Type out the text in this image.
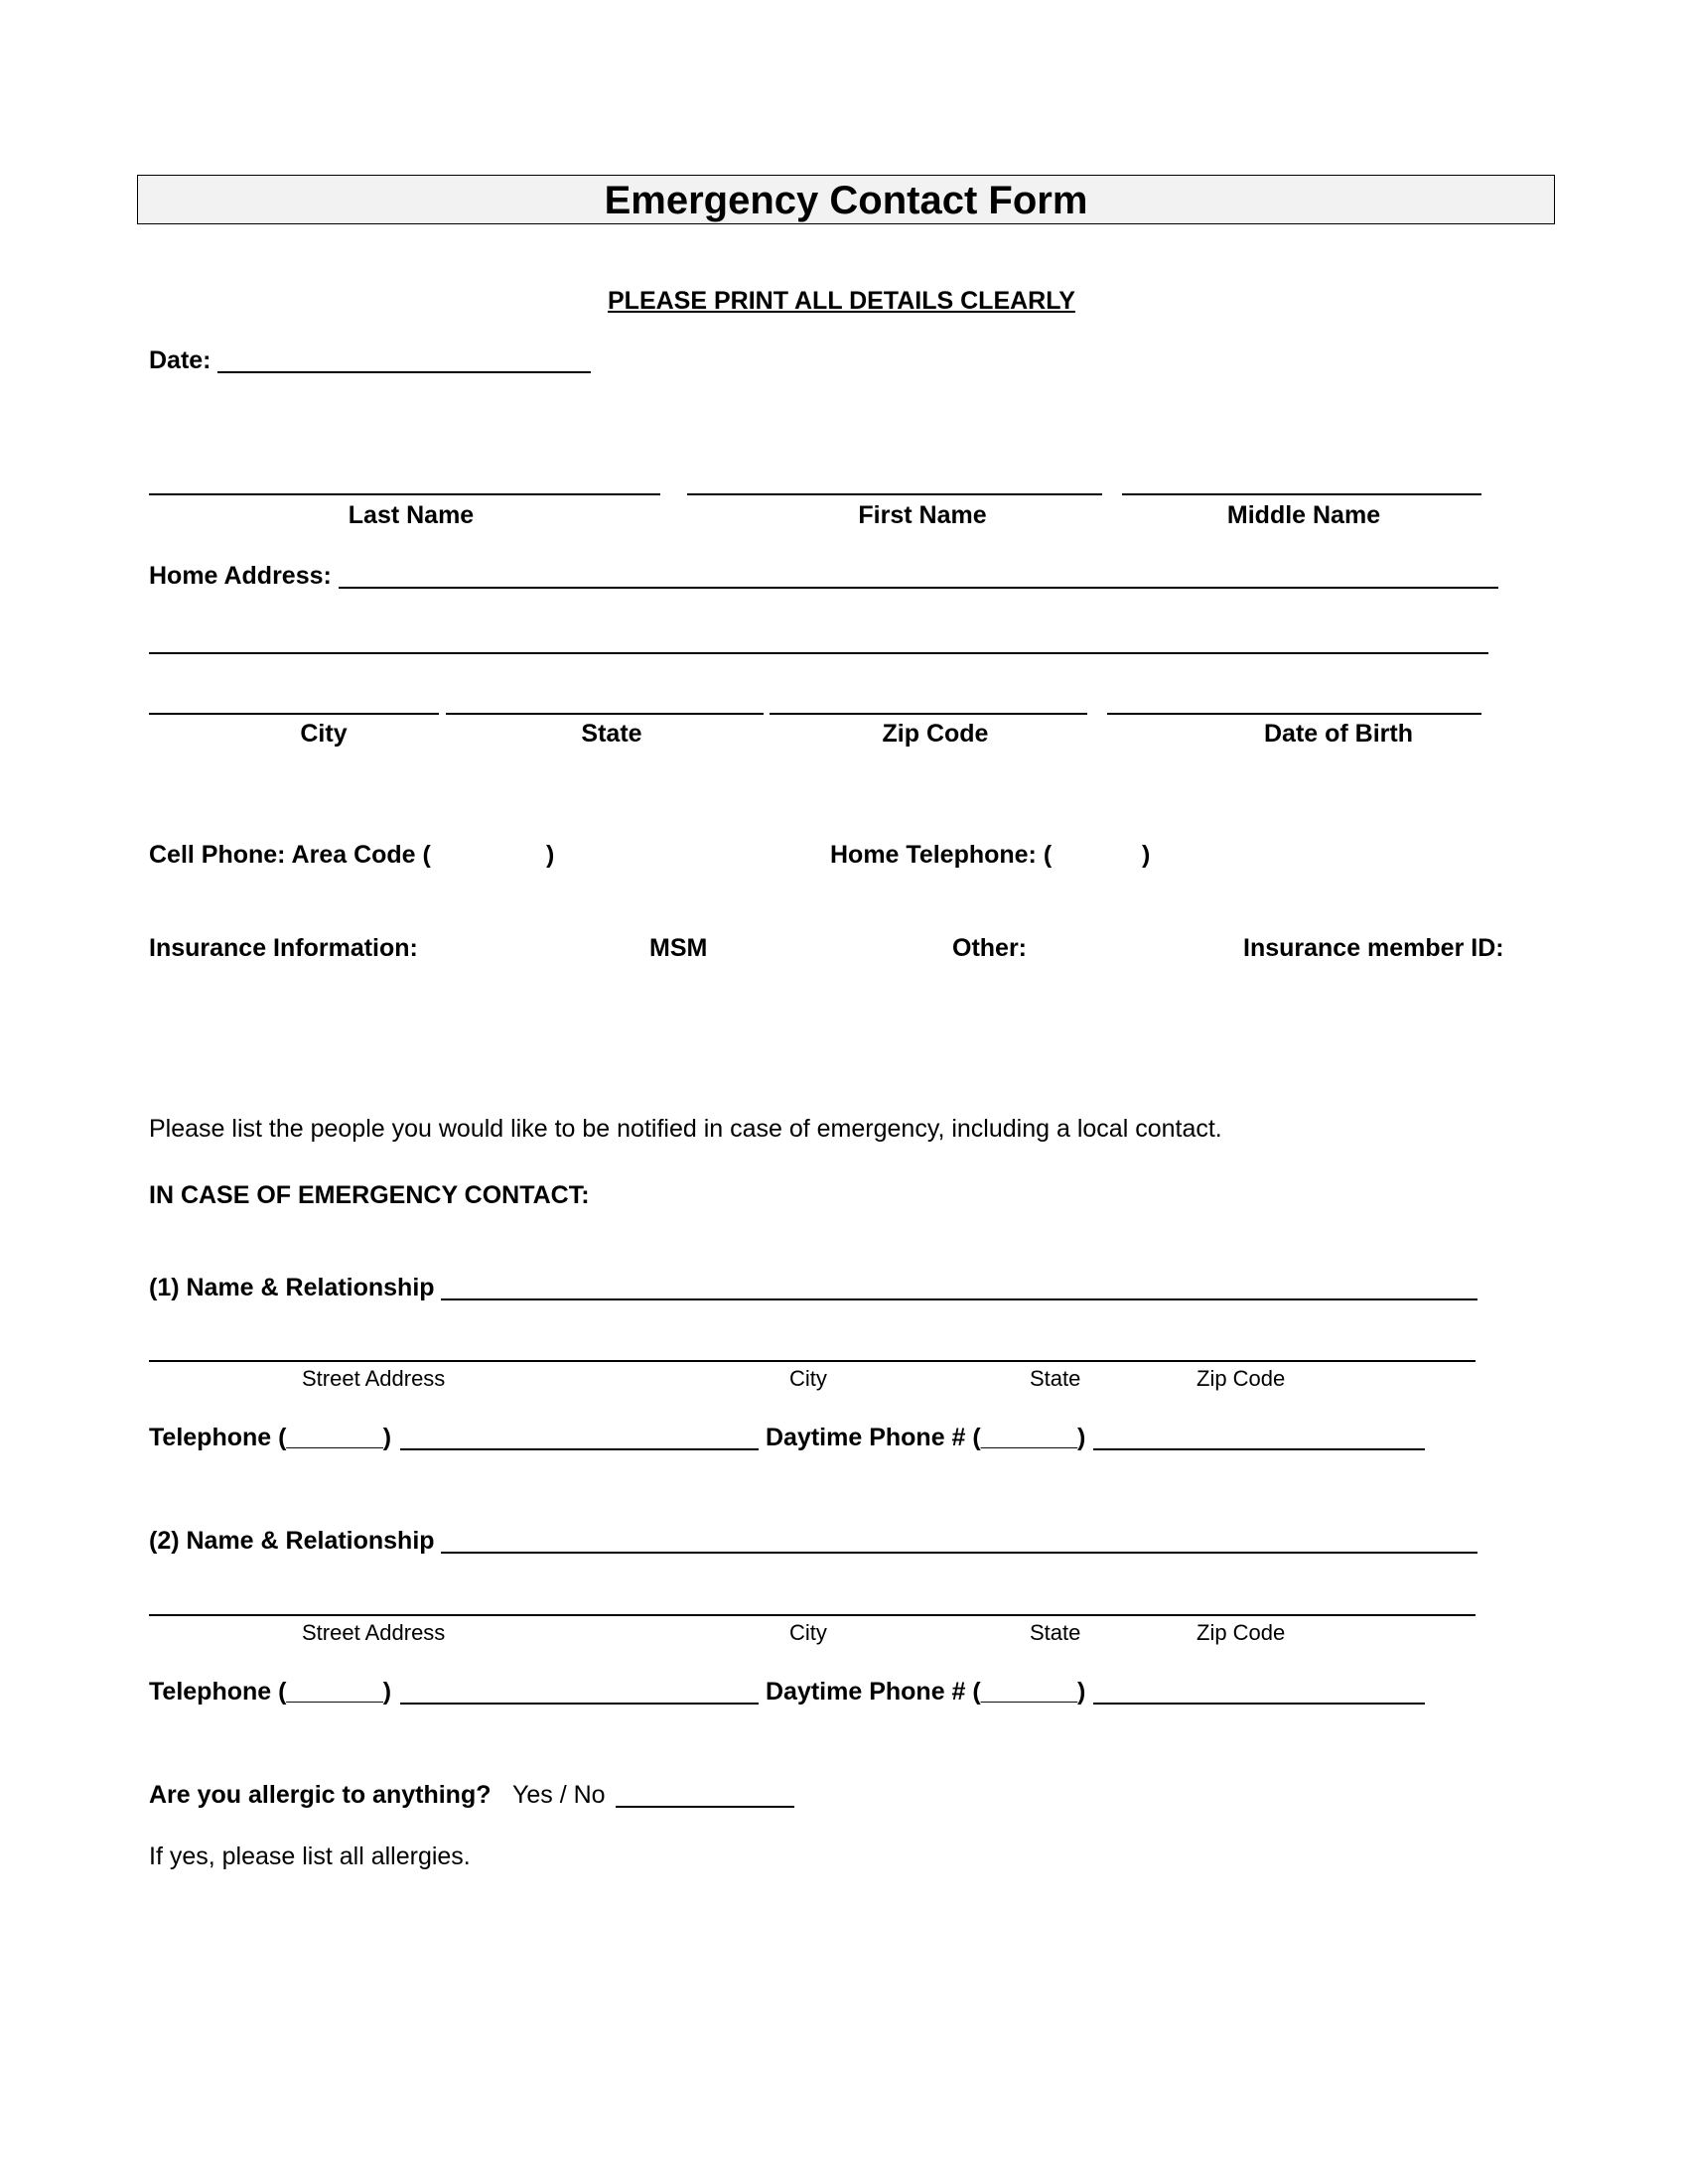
Emergency Contact Form
PLEASE PRINT ALL DETAILS CLEARLY
Date:
Last Name	First Name	Middle Name
Home Address:
City	State	Zip Code	Date of Birth
Cell Phone: Area Code (	)	Home Telephone: (	)
Insurance Information:	MSM	Other:	Insurance member ID:
Please list the people you would like to be notified in case of emergency, including a local contact.
IN CASE OF EMERGENCY CONTACT:
(1) Name & Relationship
Street Address	City	State	Zip Code
Telephone (_______)	Daytime Phone # (_______)
(2) Name & Relationship
Street Address	City	State	Zip Code
Telephone (_______)	Daytime Phone # (_______)
Are you allergic to anything? Yes / No
If yes, please list all allergies.
